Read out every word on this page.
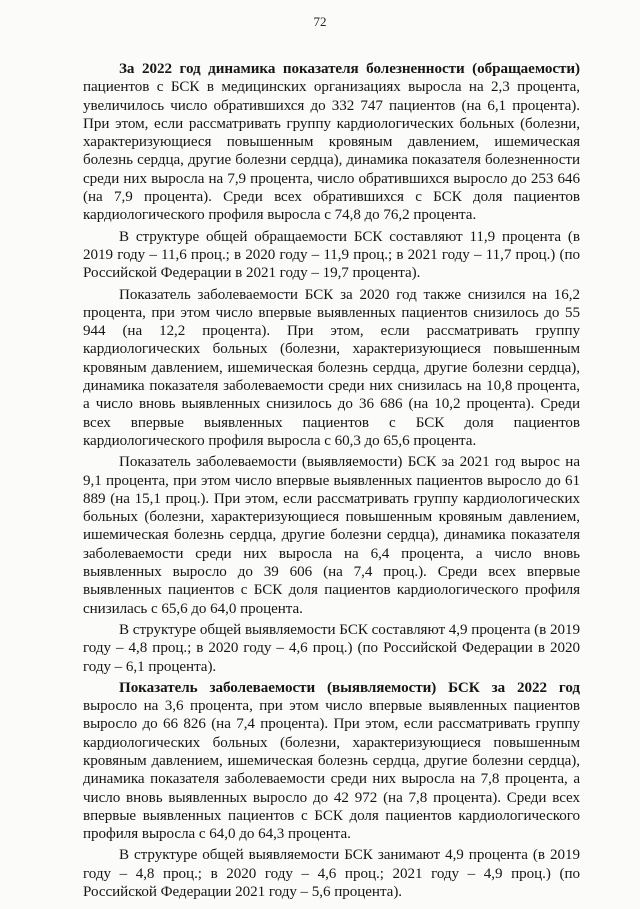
72

За 2022 год динамика показателя болезненности (обращаемости) пациентов с БСК в медицинских организациях выросла на 2,3 процента, увеличилось число обратившихся до 332 747 пациентов (на 6,1 процента). При этом, если рассматривать группу кардиологических больных (болезни, характеризующиеся повышенным кровяным давлением, ишемическая болезнь сердца, другие болезни сердца), динамика показателя болезненности среди них выросла на 7,9 процента, число обратившихся выросло до 253 646 (на 7,9 процента). Среди всех обратившихся с БСК доля пациентов кардиологического профиля выросла с 74,8 до 76,2 процента.

В структуре общей обращаемости БСК составляют 11,9 процента (в 2019 году – 11,6 проц.; в 2020 году – 11,9 проц.; в 2021 году – 11,7 проц.) (по Российской Федерации в 2021 году – 19,7 процента).

Показатель заболеваемости БСК за 2020 год также снизился на 16,2 процента, при этом число впервые выявленных пациентов снизилось до 55 944 (на 12,2 процента). При этом, если рассматривать группу кардиологических больных (болезни, характеризующиеся повышенным кровяным давлением, ишемическая болезнь сердца, другие болезни сердца), динамика показателя заболеваемости среди них снизилась на 10,8 процента, а число вновь выявленных снизилось до 36 686 (на 10,2 процента). Среди всех впервые выявленных пациентов с БСК доля пациентов кардиологического профиля выросла с 60,3 до 65,6 процента.

Показатель заболеваемости (выявляемости) БСК за 2021 год вырос на 9,1 процента, при этом число впервые выявленных пациентов выросло до 61 889 (на 15,1 проц.). При этом, если рассматривать группу кардиологических больных (болезни, характеризующиеся повышенным кровяным давлением, ишемическая болезнь сердца, другие болезни сердца), динамика показателя заболеваемости среди них выросла на 6,4 процента, а число вновь выявленных выросло до 39 606 (на 7,4 проц.). Среди всех впервые выявленных пациентов с БСК доля пациентов кардиологического профиля снизилась с 65,6 до 64,0 процента.

В структуре общей выявляемости БСК составляют 4,9 процента (в 2019 году – 4,8 проц.; в 2020 году – 4,6 проц.) (по Российской Федерации в 2020 году – 6,1 процента).

Показатель заболеваемости (выявляемости) БСК за 2022 год выросло на 3,6 процента, при этом число впервые выявленных пациентов выросло до 66 826 (на 7,4 процента). При этом, если рассматривать группу кардиологических больных (болезни, характеризующиеся повышенным кровяным давлением, ишемическая болезнь сердца, другие болезни сердца), динамика показателя заболеваемости среди них выросла на 7,8 процента, а число вновь выявленных выросло до 42 972 (на 7,8 процента). Среди всех впервые выявленных пациентов с БСК доля пациентов кардиологического профиля выросла с 64,0 до 64,3 процента.

В структуре общей выявляемости БСК занимают 4,9 процента (в 2019 году – 4,8 проц.; в 2020 году – 4,6 проц.; 2021 году – 4,9 проц.) (по Российской Федерации 2021 году – 5,6 процента).
